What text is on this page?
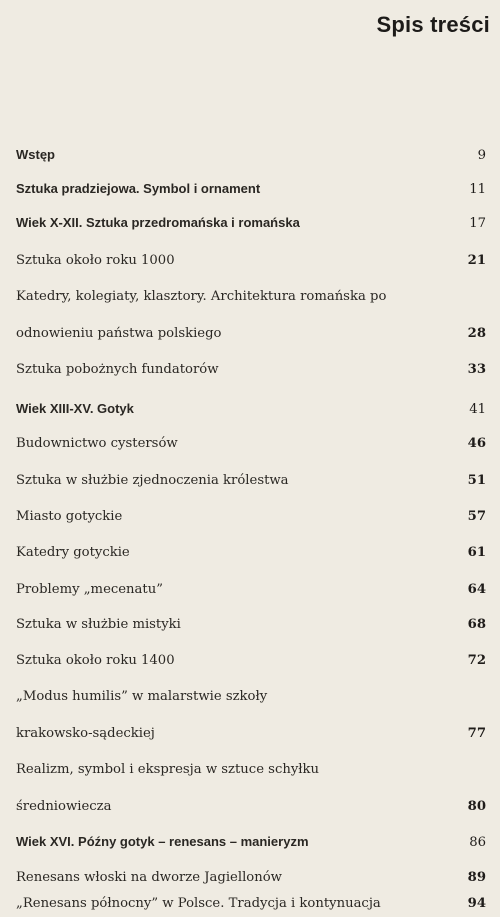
Spis treści
Wstęp	9
Sztuka pradziejowa. Symbol i ornament	11
Wiek X-XII. Sztuka przedromańska i romańska	17
Sztuka około roku 1000	21
Katedry, kolegiaty, klasztory. Architektura romańska po
odnowieniu państwa polskiego	28
Sztuka pobożnych fundatorów	33
Wiek XIII-XV. Gotyk	41
Budownictwo cystersów	46
Sztuka w służbie zjednoczenia królestwa	51
Miasto gotyckie	57
Katedry gotyckie	61
Problemy „mecenatu”	64
Sztuka w służbie mistyki	68
Sztuka około roku 1400	72
„Modus humilis” w malarstwie szkoły
krakowsko-sądeckiej	77
Realizm, symbol i ekspresja w sztuce schyłku
średniowiecza	80
Wiek XVI. Późny gotyk – renesans – manieryzm	86
Renesans włoski na dworze Jagiellonów	89
„Renesans północny” w Polsce. Tradycja i kontynuacja	94
